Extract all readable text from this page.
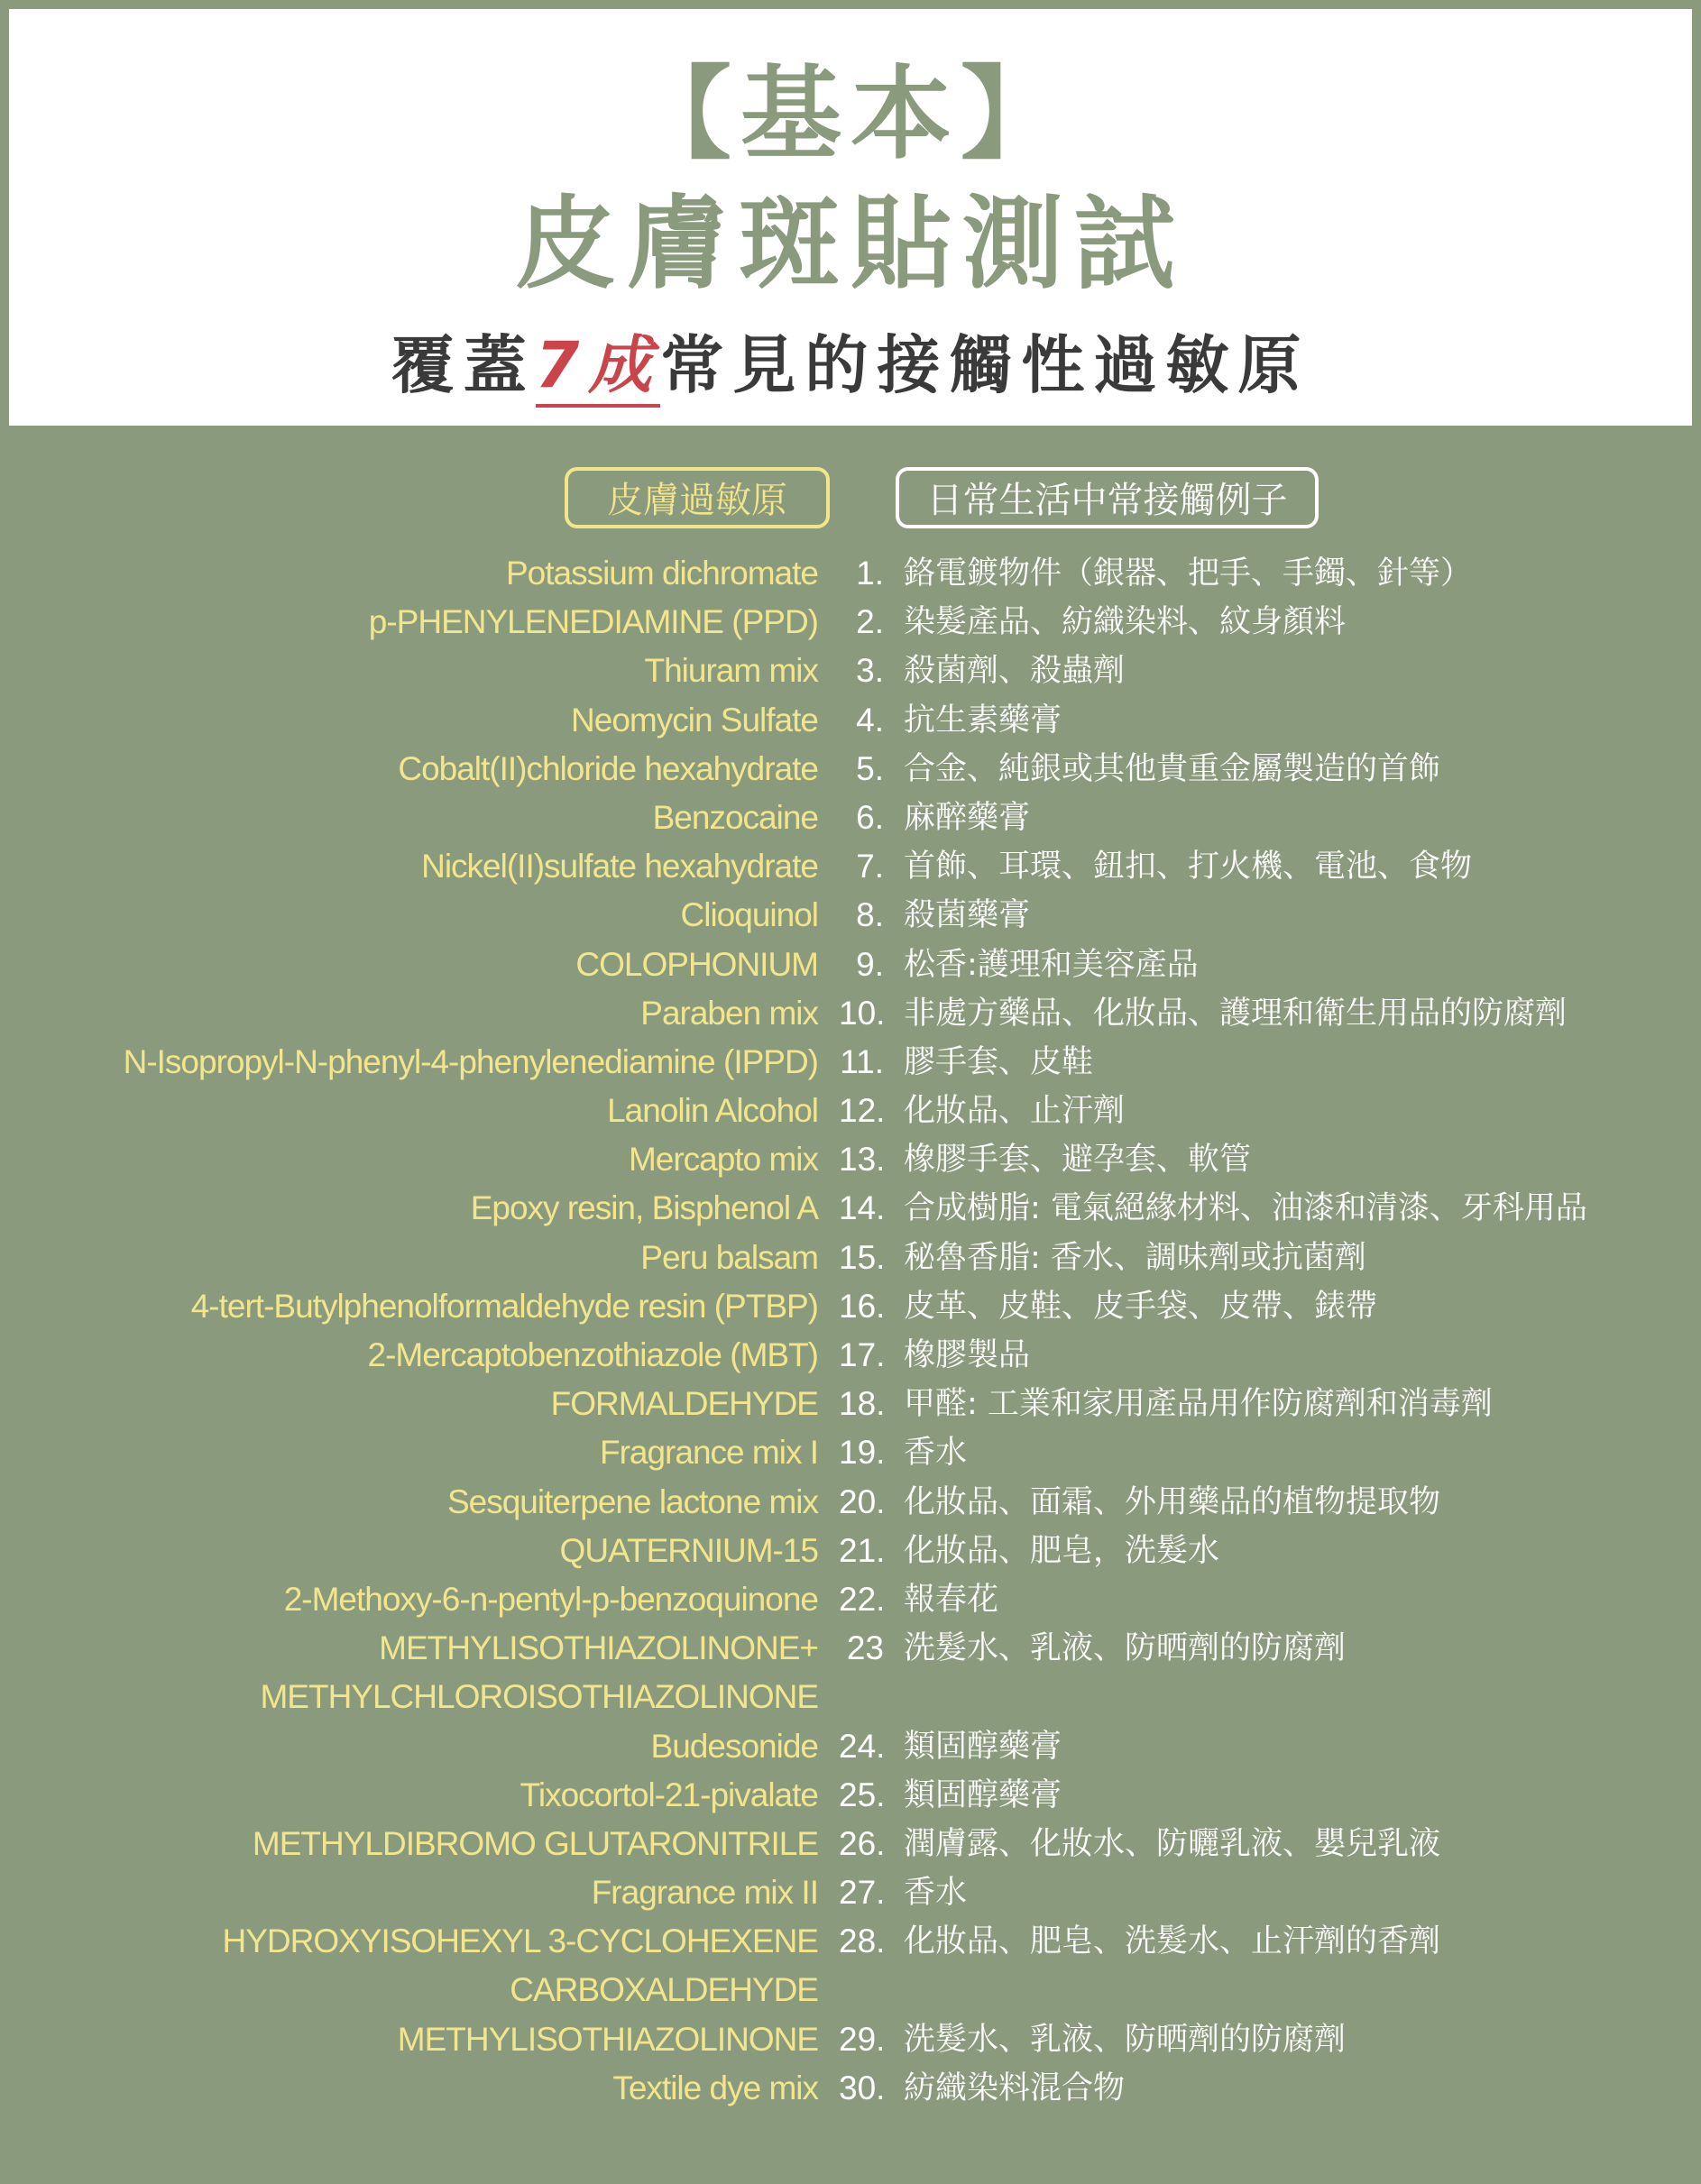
【基本】
皮膚斑貼測試
覆蓋7成常見的接觸性過敏原
皮膚過敏原	日常生活中常接觸例子
Potassium dichromate	1. 鉻電鍍物件（銀器、把手、手鐲、針等）
p-PHENYLENEDIAMINE (PPD)	2. 染髮產品、紡織染料、紋身顏料
Thiuram mix	3. 殺菌劑、殺蟲劑
Neomycin Sulfate	4. 抗生素藥膏
Cobalt(II)chloride hexahydrate	5. 合金、純銀或其他貴重金屬製造的首飾
Benzocaine	6. 麻醉藥膏
Nickel(II)sulfate hexahydrate	7. 首飾、耳環、鈕扣、打火機、電池、食物
Clioquinol	8. 殺菌藥膏
COLOPHONIUM	9. 松香:護理和美容產品
Paraben mix 10. 非處方藥品、化妝品、護理和衛生用品的防腐劑
N-Isopropyl-N-phenyl-4-phenylenediamine (IPPD) 11. 膠手套、皮鞋
Lanolin Alcohol 12. 化妝品、止汗劑
Mercapto mix 13. 橡膠手套、避孕套、軟管
Epoxy resin, Bisphenol A 14. 合成樹脂: 電氣絕緣材料、油漆和清漆、牙科用品
Peru balsam 15. 秘魯香脂: 香水、調味劑或抗菌劑
4-tert-Butylphenolformaldehyde resin (PTBP) 16. 皮革、皮鞋、皮手袋、皮帶、錶帶
2-Mercaptobenzothiazole (MBT) 17. 橡膠製品
FORMALDEHYDE 18. 甲醛: 工業和家用產品用作防腐劑和消毒劑
Fragrance mix I 19. 香水
Sesquiterpene lactone mix 20. 化妝品、面霜、外用藥品的植物提取物
QUATERNIUM-15 21. 化妝品、肥皂，洗髮水
2-Methoxy-6-n-pentyl-p-benzoquinone 22. 報春花
METHYLISOTHIAZOLINONE+ 23 洗髮水、乳液、防晒劑的防腐劑
METHYLCHLOROISOTHIAZOLINONE
Budesonide 24. 類固醇藥膏
Tixocortol-21-pivalate 25. 類固醇藥膏
METHYLDIBROMO GLUTARONITRILE 26. 潤膚露、化妝水、防曬乳液、嬰兒乳液
Fragrance mix II 27. 香水
HYDROXYISOHEXYL 3-CYCLOHEXENE 28. 化妝品、肥皂、洗髮水、止汗劑的香劑
CARBOXALDEHYDE
METHYLISOTHIAZOLINONE 29. 洗髮水、乳液、防晒劑的防腐劑
Textile dye mix 30. 紡織染料混合物
